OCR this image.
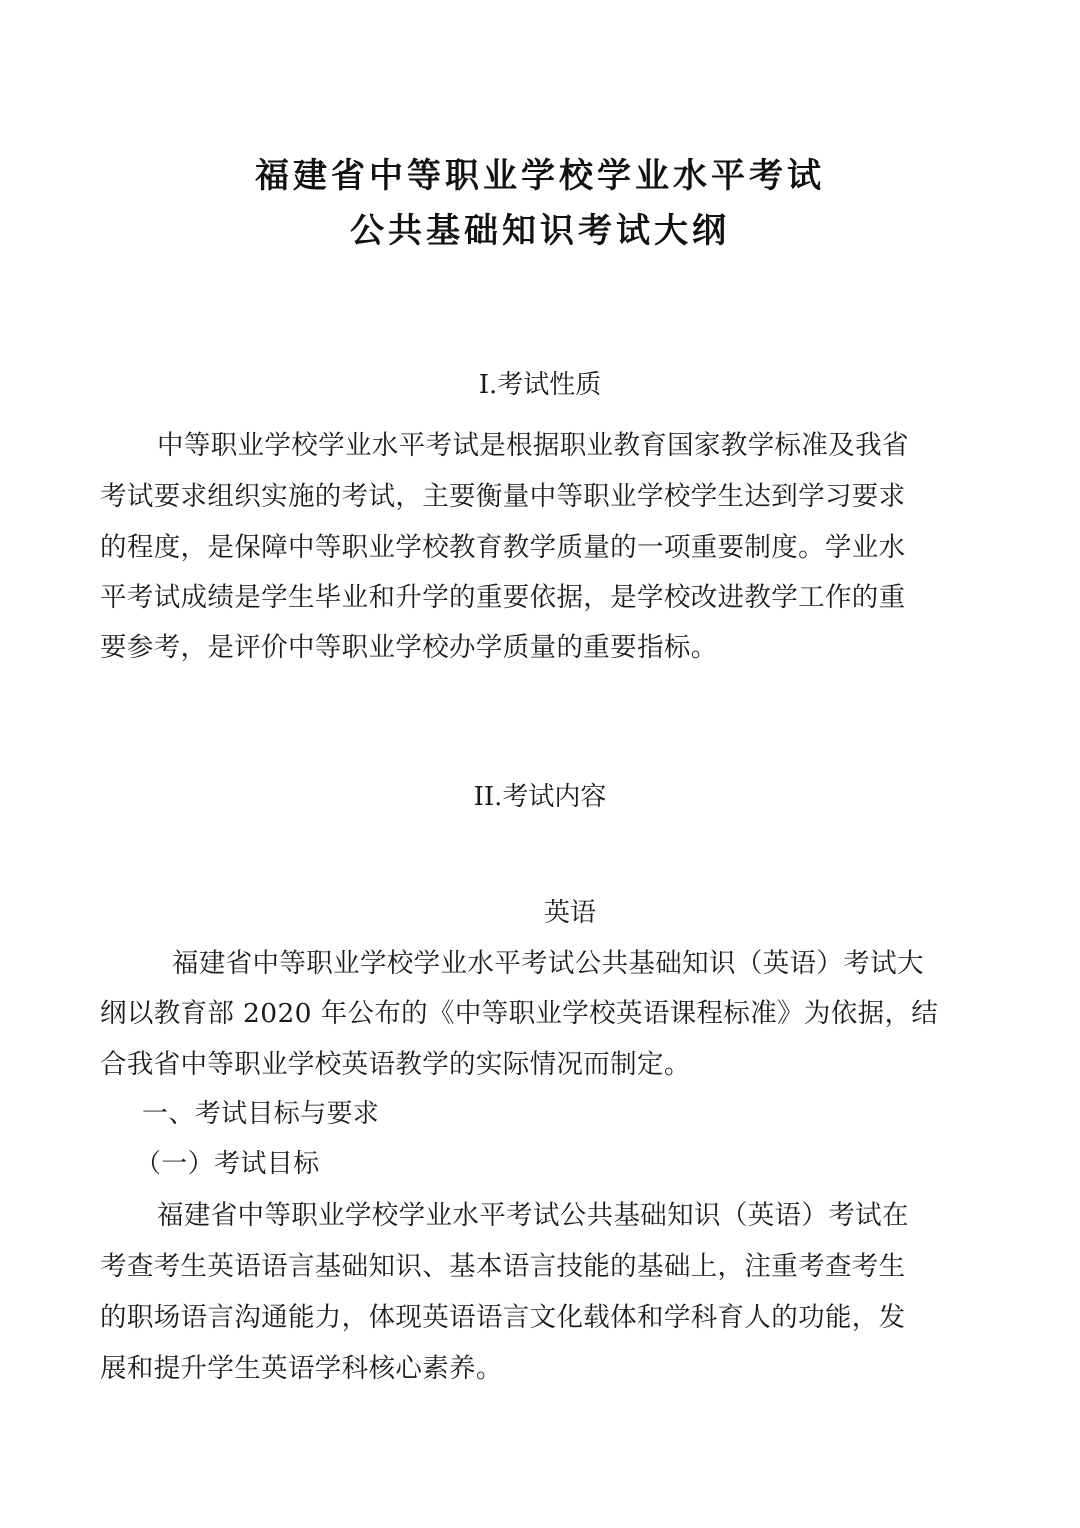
福建省中等职业学校学业水平考试
公共基础知识考试大纲
I.考试性质
中等职业学校学业水平考试是根据职业教育国家教学标准及我省
考试要求组织实施的考试，主要衡量中等职业学校学生达到学习要求
的程度，是保障中等职业学校教育教学质量的一项重要制度。学业水
平考试成绩是学生毕业和升学的重要依据，是学校改进教学工作的重
要参考，是评价中等职业学校办学质量的重要指标。
II.考试内容
英语
福建省中等职业学校学业水平考试公共基础知识（英语）考试大
纲以教育部 2020 年公布的《中等职业学校英语课程标准》为依据，结
合我省中等职业学校英语教学的实际情况而制定。
一、考试目标与要求
（一）考试目标
福建省中等职业学校学业水平考试公共基础知识（英语）考试在
考查考生英语语言基础知识、基本语言技能的基础上，注重考查考生
的职场语言沟通能力，体现英语语言文化载体和学科育人的功能，发
展和提升学生英语学科核心素养。
